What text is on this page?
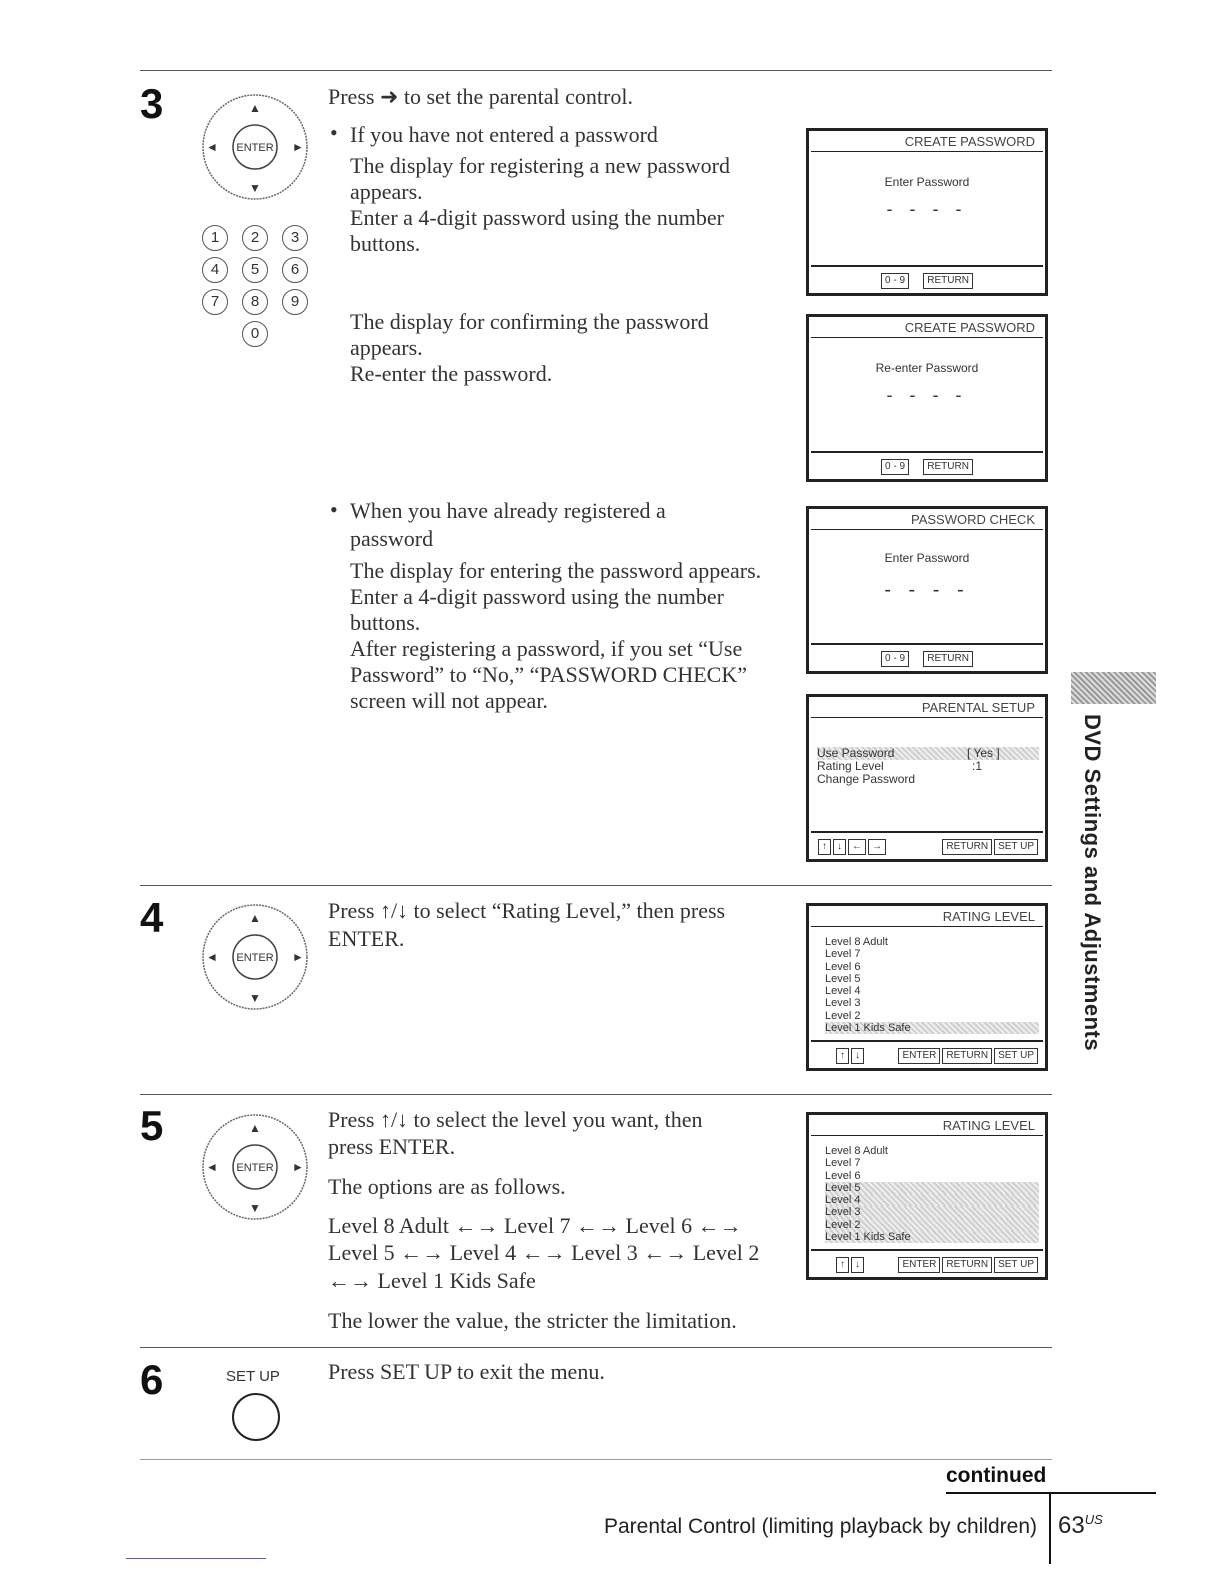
3
ENTER
▲
▼
◄	►
1	2	3
4	5	6
7	8	9
0
Press ➜ to set the parental control.
• If you have not entered a password
The display for registering a new password
appears.
Enter a 4-digit password using the number
buttons.
The display for confirming the password
appears.
Re-enter the password.
• When you have already registered a
password
The display for entering the password appears.
Enter a 4-digit password using the number
buttons.
After registering a password, if you set “Use
Password” to “No,” “PASSWORD CHECK”
screen will not appear.
CREATE PASSWORD
Enter Password
- - - -
0 - 9 RETURN
CREATE PASSWORD
Re-enter Password
- - - -
0 - 9 RETURN
PASSWORD CHECK
Enter Password
- - - -
0 - 9 RETURN
PARENTAL SETUP
Use Password	[ Yes ]
Rating Level	:1
Change Password
↑ ↓ ← →	RETURN SET UP
4
ENTER
▲
▼
◄	►
Press ↑/↓ to select “Rating Level,” then press
ENTER.
RATING LEVEL
Level 8 Adult
Level 7
Level 6
Level 5
Level 4
Level 3
Level 2
Level 1 Kids Safe
↑ ↓	ENTER RETURN SET UP
5
ENTER
▲
▼
◄	►
Press ↑/↓ to select the level you want, then
press ENTER.
The options are as follows.
Level 8 Adult ←→ Level 7 ←→ Level 6 ←→
Level 5 ←→ Level 4 ←→ Level 3 ←→ Level 2
←→ Level 1 Kids Safe
The lower the value, the stricter the limitation.
RATING LEVEL
Level 8 Adult
Level 7
Level 6
Level 5
Level 4
Level 3
Level 2
Level 1 Kids Safe
↑ ↓	ENTER RETURN SET UP
6	SET UP Press SET UP to exit the menu.
DVD Settings and Adjustments
continued
Parental Control (limiting playback by children) $63^{US}$
